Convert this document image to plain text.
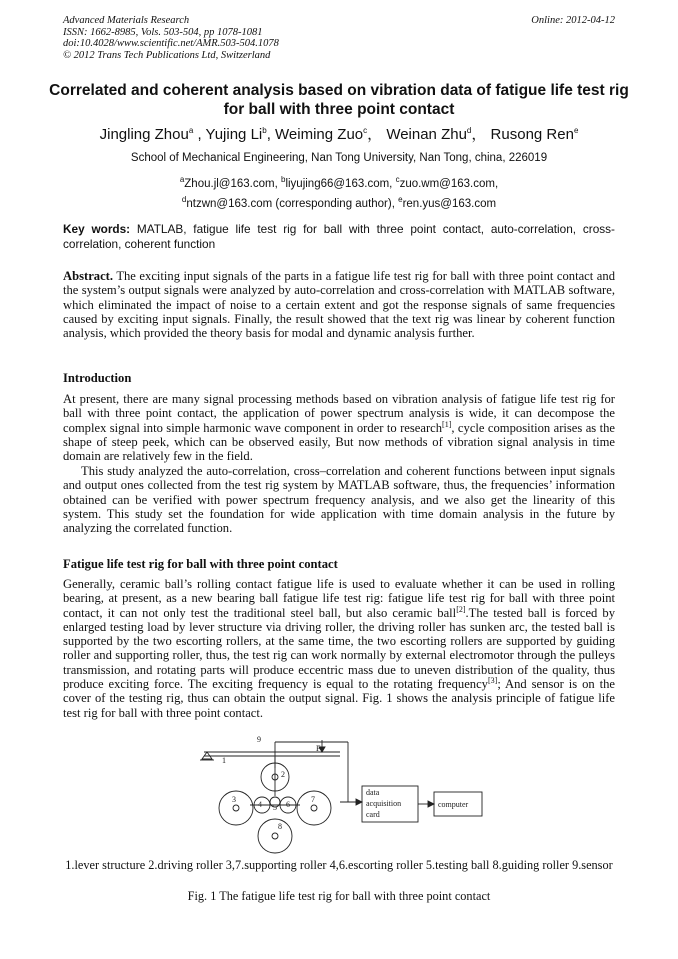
Advanced Materials Research
ISSN: 1662-8985, Vols. 503-504, pp 1078-1081
doi:10.4028/www.scientific.net/AMR.503-504.1078
© 2012 Trans Tech Publications Ltd, Switzerland
Online: 2012-04-12
Correlated and coherent analysis based on vibration data of fatigue life test rig for ball with three point contact
Jingling Zhou$^a$ , Yujing Li$^b$, Weiming Zuo$^c$， Weinan Zhu$^d$， Rusong Ren$^e$
School of Mechanical Engineering, Nan Tong University, Nan Tong, china, 226019
$^a$Zhou.jl@163.com, $^b$liyujing66@163.com, $^c$zuo.wm@163.com,
$^d$ntzwn@163.com (corresponding author), $^e$ren.yus@163.com
Key words: MATLAB, fatigue life test rig for ball with three point contact, auto-correlation, cross-correlation, coherent function
Abstract. The exciting input signals of the parts in a fatigue life test rig for ball with three point contact and the system’s output signals were analyzed by auto-correlation and cross-correlation with MATLAB software, which eliminated the impact of noise to a certain extent and got the response signals of same frequencies caused by exciting input signals. Finally, the result showed that the text rig was linear by coherent function analysis, which provided the theory basis for modal and dynamic analysis further.
Introduction
At present, there are many signal processing methods based on vibration analysis of fatigue life test rig for ball with three point contact, the application of power spectrum analysis is wide, it can decompose the complex signal into simple harmonic wave component in order to research[1], cycle composition arises as the shape of steep peek, which can be observed easily, But now methods of vibration signal analysis in time domain are relatively few in the field.
This study analyzed the auto-correlation, cross–correlation and coherent functions between input signals and output ones collected from the test rig system by MATLAB software, thus, the frequencies’ information obtained can be verified with power spectrum frequency analysis, and we also get the linearity of this system. This study set the foundation for wide application with time domain analysis in the future by analyzing the correlated function.
Fatigue life test rig for ball with three point contact
Generally, ceramic ball’s rolling contact fatigue life is used to evaluate whether it can be used in rolling bearing, at present, as a new bearing ball fatigue life test rig: fatigue life test rig for ball with three point contact, it can not only test the traditional steel ball, but also ceramic ball[2].The tested ball is forced by enlarged testing load by lever structure via driving roller, the driving roller has sunken arc, the tested ball is supported by the two escorting rollers, at the same time, the two escorting rollers are supported by guiding roller and supporting roller, thus, the test rig can work normally by external electromotor through the pulleys transmission, and rotating parts will produce eccentric mass due to uneven distribution of the quality, thus produce exciting force. The exciting frequency is equal to the rotating frequency[3]; And sensor is on the cover of the testing rig, thus can obtain the output signal. Fig. 1 shows the analysis principle of fatigue life test rig for ball with three point contact.
9
F
1
2
3
4 5 6
7
8
data
acquisition
card
computer
1.lever structure 2.driving roller 3,7.supporting roller 4,6.escorting roller 5.testing ball 8.guiding roller 9.sensor
Fig. 1 The fatigue life test rig for ball with three point contact
